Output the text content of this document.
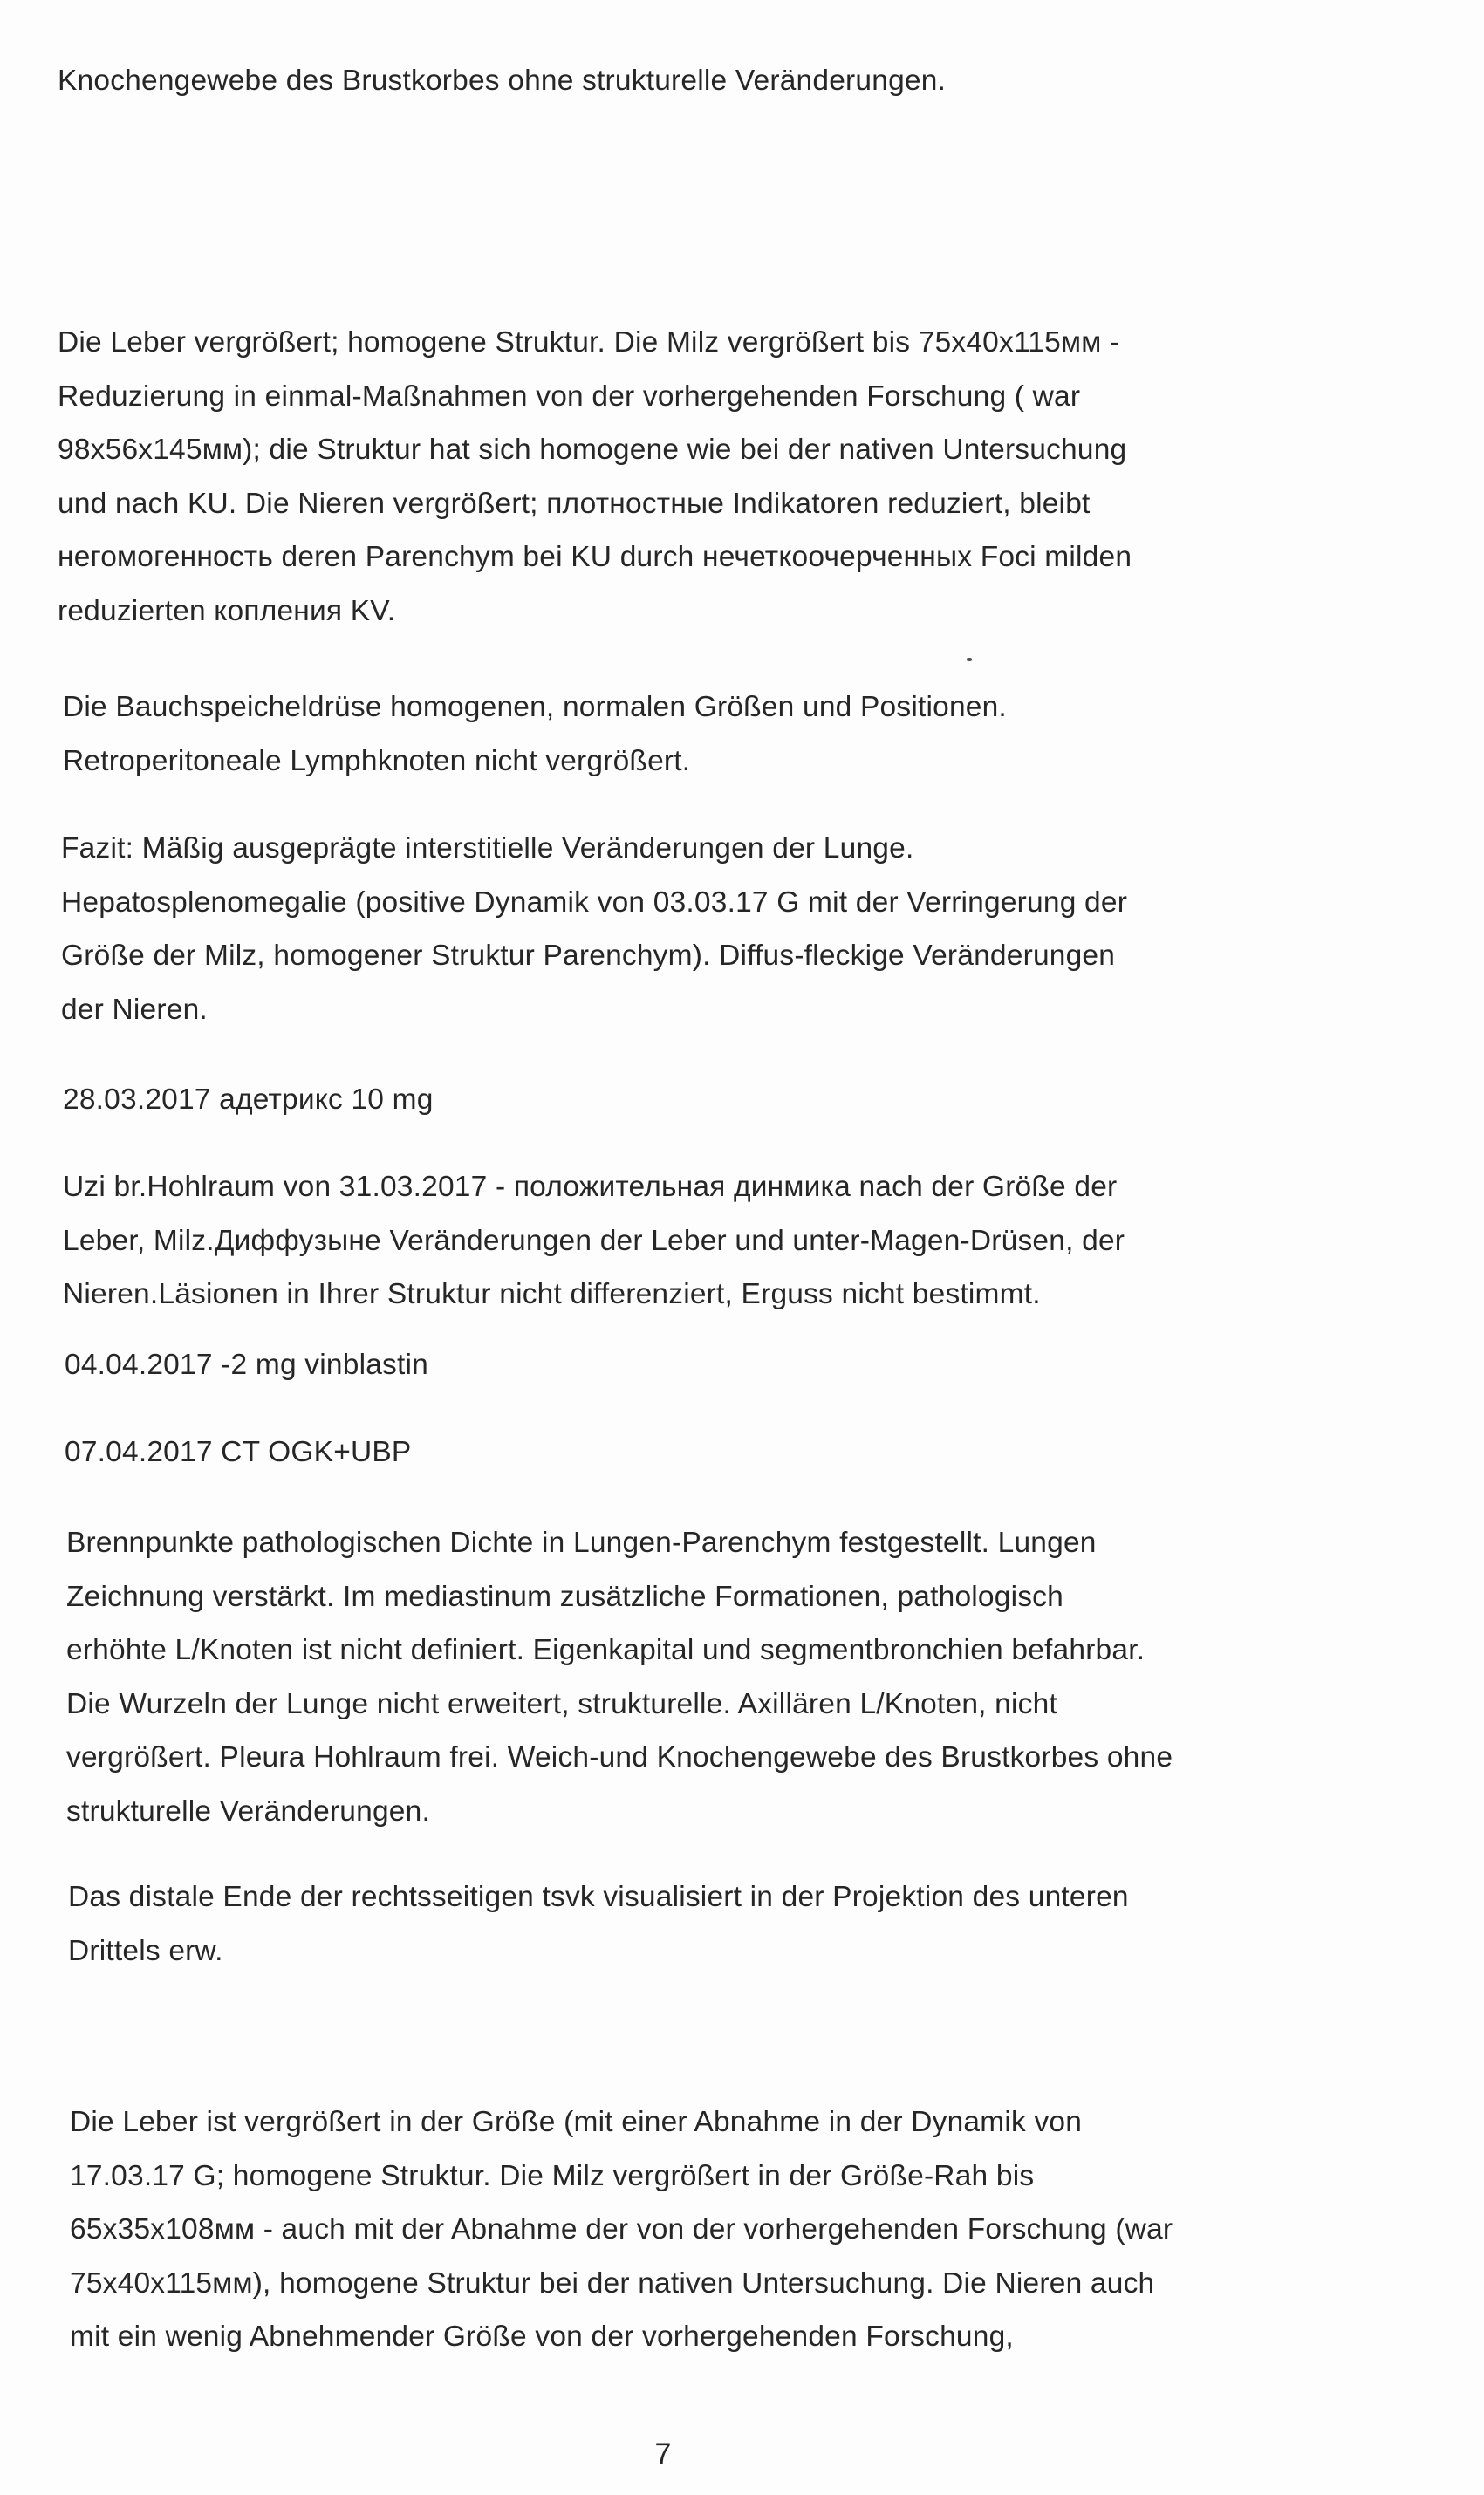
Knochengewebe des Brustkorbes ohne strukturelle Veränderungen.
Die Leber vergrößert; homogene Struktur. Die Milz vergrößert bis 75x40x115мм -
Reduzierung in einmal-Maßnahmen von der vorhergehenden Forschung ( war
98x56x145мм); die Struktur hat sich homogene wie bei der nativen Untersuchung
und nach KU. Die Nieren vergrößert; плотностные Indikatoren reduziert, bleibt
негомогенность deren Parenchym bei KU durch нечеткоочерченных Foci milden
reduzierten копления KV.
Die Bauchspeicheldrüse homogenen, normalen Größen und Positionen.
Retroperitoneale Lymphknoten nicht vergrößert.
Fazit: Mäßig ausgeprägte interstitielle Veränderungen der Lunge.
Hepatosplenomegalie (positive Dynamik von 03.03.17 G mit der Verringerung der
Größe der Milz, homogener Struktur Parenchym). Diffus-fleckige Veränderungen
der Nieren.
28.03.2017 адетрикс 10 mg
Uzi br.Hohlraum von 31.03.2017 - положительная динмика nach der Größe der
Leber, Milz.Диффузыне Veränderungen der Leber und unter-Magen-Drüsen, der
Nieren.Läsionen in Ihrer Struktur nicht differenziert, Erguss nicht bestimmt.
04.04.2017 -2 mg vinblastin
07.04.2017 CT OGK+UBP
Brennpunkte pathologischen Dichte in Lungen-Parenchym festgestellt. Lungen
Zeichnung verstärkt. Im mediastinum zusätzliche Formationen, pathologisch
erhöhte L/Knoten ist nicht definiert. Eigenkapital und segmentbronchien befahrbar.
Die Wurzeln der Lunge nicht erweitert, strukturelle. Axillären L/Knoten, nicht
vergrößert. Pleura Hohlraum frei. Weich-und Knochengewebe des Brustkorbes ohne
strukturelle Veränderungen.
Das distale Ende der rechtsseitigen tsvk visualisiert in der Projektion des unteren
Drittels erw.
Die Leber ist vergrößert in der Größe (mit einer Abnahme in der Dynamik von
17.03.17 G; homogene Struktur. Die Milz vergrößert in der Größe-Rah bis
65x35x108мм - auch mit der Abnahme der von der vorhergehenden Forschung (war
75x40x115мм), homogene Struktur bei der nativen Untersuchung. Die Nieren auch
mit ein wenig Abnehmender Größe von der vorhergehenden Forschung,
7
